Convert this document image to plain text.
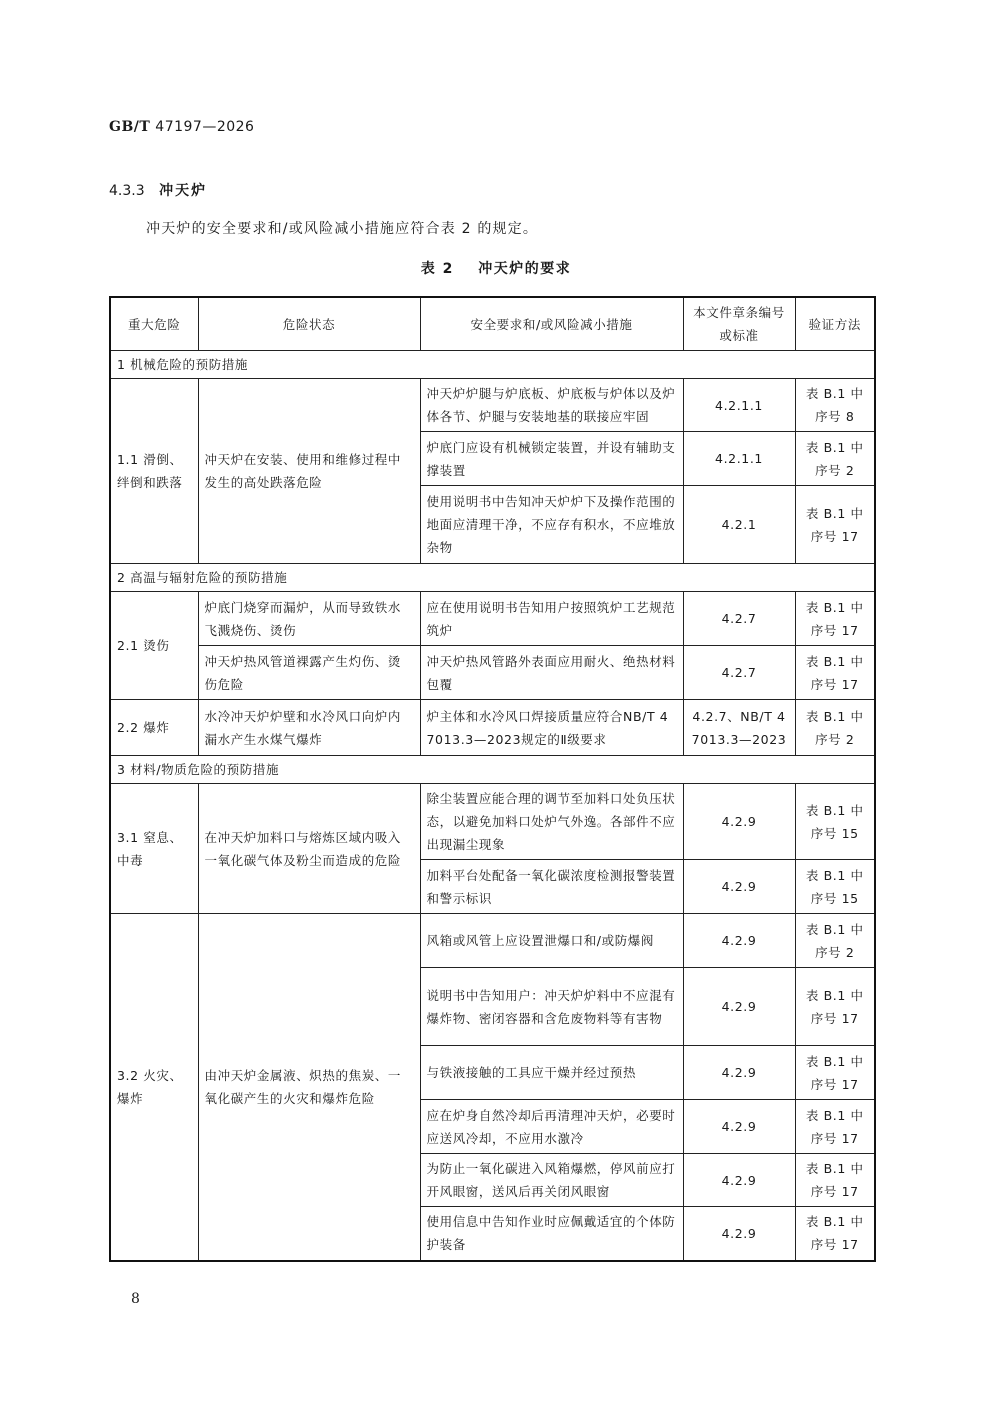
GB/T 47197—2026
4.3.3 冲天炉
冲天炉的安全要求和/或风险减小措施应符合表 2 的规定。
表 2 冲天炉的要求
重大危险	危险状态	安全要求和/或风险减小措施	本文件章条编号或标准	验证方法
1 机械危险的预防措施				
1.1 滑倒、绊倒和跌落	冲天炉在安装、使用和维修过程中发生的高处跌落危险	冲天炉炉腿与炉底板、炉底板与炉体以及炉体各节、炉腿与安装地基的联接应牢固	4.2.1.1	表 B.1 中序号 8
		炉底门应设有机械锁定装置，并设有辅助支撑装置	4.2.1.1	表 B.1 中序号 2
		使用说明书中告知冲天炉炉下及操作范围的地面应清理干净，不应存有积水，不应堆放杂物	4.2.1	表 B.1 中序号 17
2 高温与辐射危险的预防措施				
2.1 烫伤	炉底门烧穿而漏炉，从而导致铁水飞溅烧伤、烫伤	应在使用说明书告知用户按照筑炉工艺规范筑炉	4.2.7	表 B.1 中序号 17
	冲天炉热风管道裸露产生灼伤、烫伤危险	冲天炉热风管路外表面应用耐火、绝热材料包覆	4.2.7	表 B.1 中序号 17
2.2 爆炸	水冷冲天炉炉壁和水冷风口向炉内漏水产生水煤气爆炸	炉主体和水冷风口焊接质量应符合NB/T 47013.3—2023规定的Ⅱ级要求	4.2.7、NB/T 47013.3—2023	表 B.1 中序号 2
3 材料/物质危险的预防措施				
3.1 窒息、中毒	在冲天炉加料口与熔炼区域内吸入一氧化碳气体及粉尘而造成的危险	除尘装置应能合理的调节至加料口处负压状态，以避免加料口处炉气外逸。各部件不应出现漏尘现象	4.2.9	表 B.1 中序号 15
		加料平台处配备一氧化碳浓度检测报警装置和警示标识	4.2.9	表 B.1 中序号 15
3.2 火灾、爆炸	由冲天炉金属液、炽热的焦炭、一氧化碳产生的火灾和爆炸危险	风箱或风管上应设置泄爆口和/或防爆阀	4.2.9	表 B.1 中序号 2
		说明书中告知用户：冲天炉炉料中不应混有爆炸物、密闭容器和含危废物料等有害物	4.2.9	表 B.1 中序号 17
		与铁液接触的工具应干燥并经过预热	4.2.9	表 B.1 中序号 17
		应在炉身自然冷却后再清理冲天炉，必要时应送风冷却，不应用水激冷	4.2.9	表 B.1 中序号 17
		为防止一氧化碳进入风箱爆燃，停风前应打开风眼窗，送风后再关闭风眼窗	4.2.9	表 B.1 中序号 17
		使用信息中告知作业时应佩戴适宜的个体防护装备	4.2.9	表 B.1 中序号 17
8
